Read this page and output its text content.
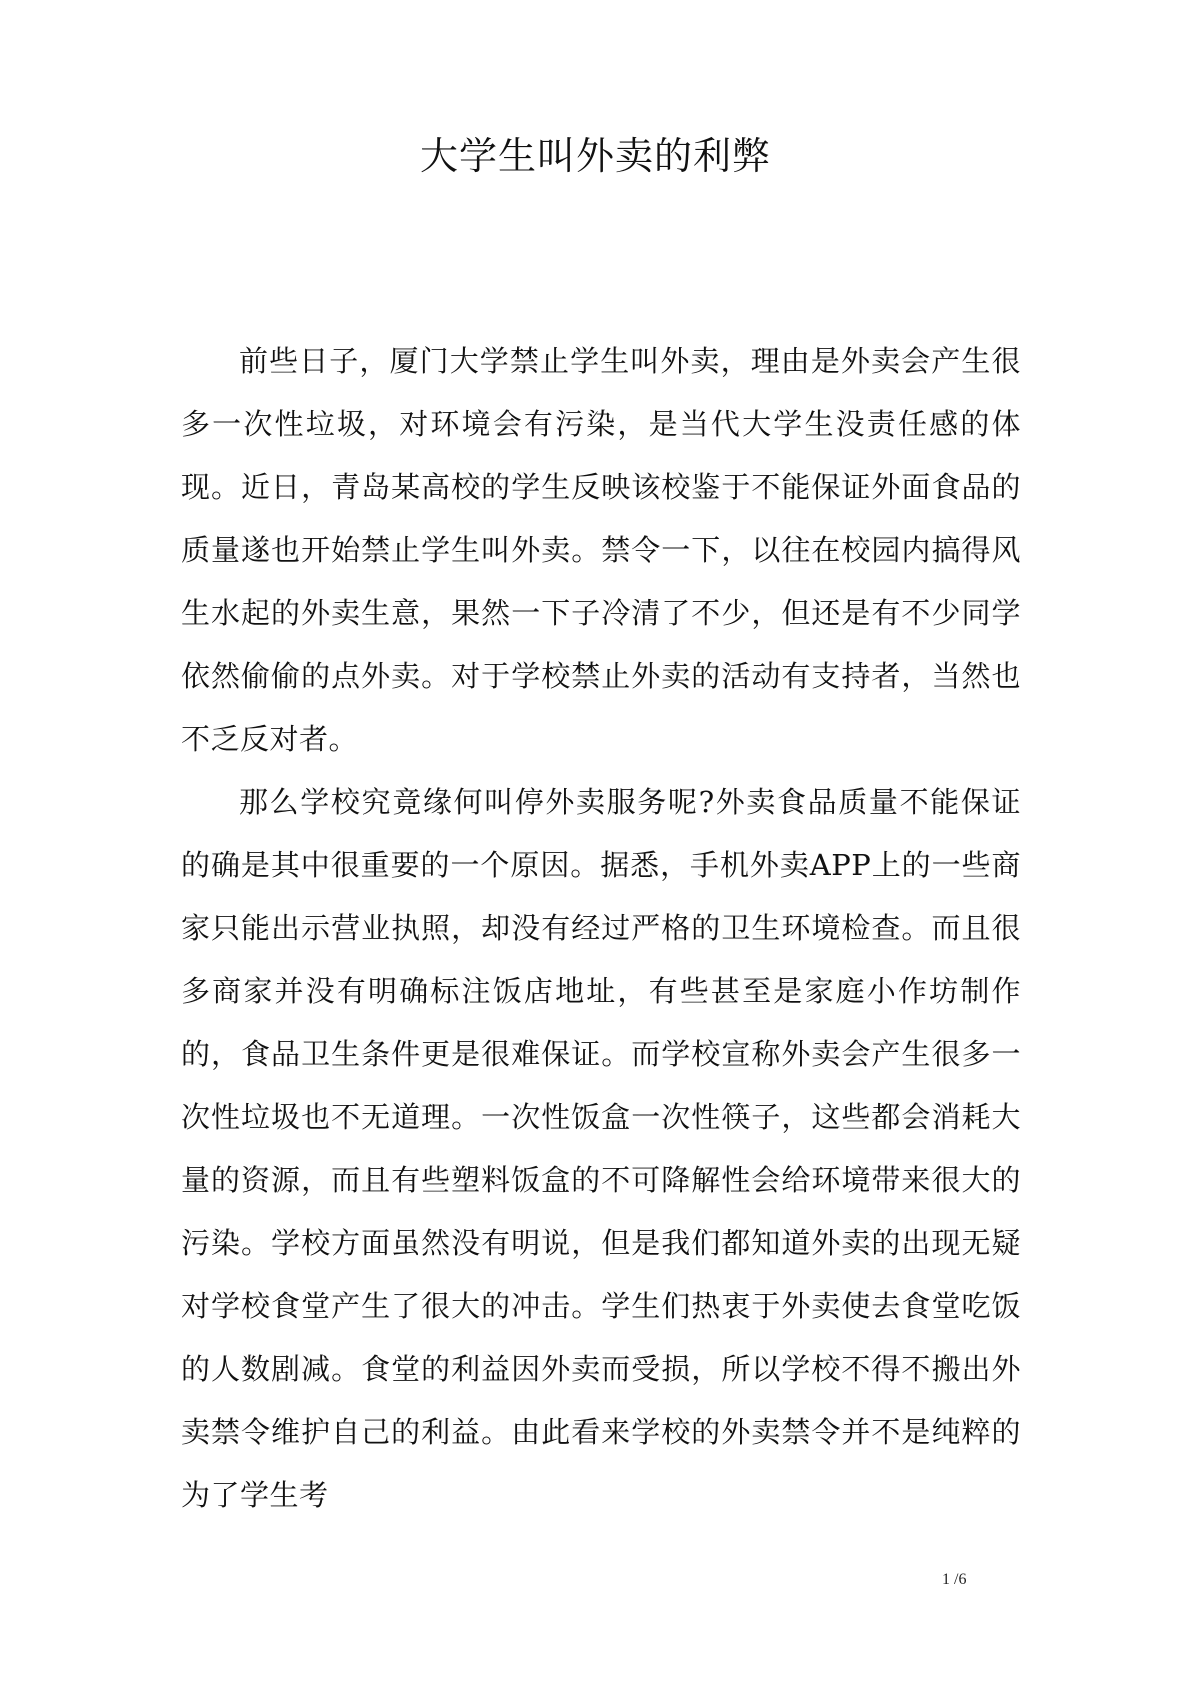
大学生叫外卖的利弊

前些日子，厦门大学禁止学生叫外卖，理由是外卖会产生很多一次性垃圾，对环境会有污染，是当代大学生没责任感的体现。近日，青岛某高校的学生反映该校鉴于不能保证外面食品的质量遂也开始禁止学生叫外卖。禁令一下，以往在校园内搞得风生水起的外卖生意，果然一下子冷清了不少，但还是有不少同学依然偷偷的点外卖。对于学校禁止外卖的活动有支持者，当然也不乏反对者。

那么学校究竟缘何叫停外卖服务呢?外卖食品质量不能保证的确是其中很重要的一个原因。据悉，手机外卖APP上的一些商家只能出示营业执照，却没有经过严格的卫生环境检查。而且很多商家并没有明确标注饭店地址，有些甚至是家庭小作坊制作的，食品卫生条件更是很难保证。而学校宣称外卖会产生很多一次性垃圾也不无道理。一次性饭盒一次性筷子，这些都会消耗大量的资源，而且有些塑料饭盒的不可降解性会给环境带来很大的污染。学校方面虽然没有明说，但是我们都知道外卖的出现无疑对学校食堂产生了很大的冲击。学生们热衷于外卖使去食堂吃饭的人数剧减。食堂的利益因外卖而受损，所以学校不得不搬出外卖禁令维护自己的利益。由此看来学校的外卖禁令并不是纯粹的为了学生考

1 /6
